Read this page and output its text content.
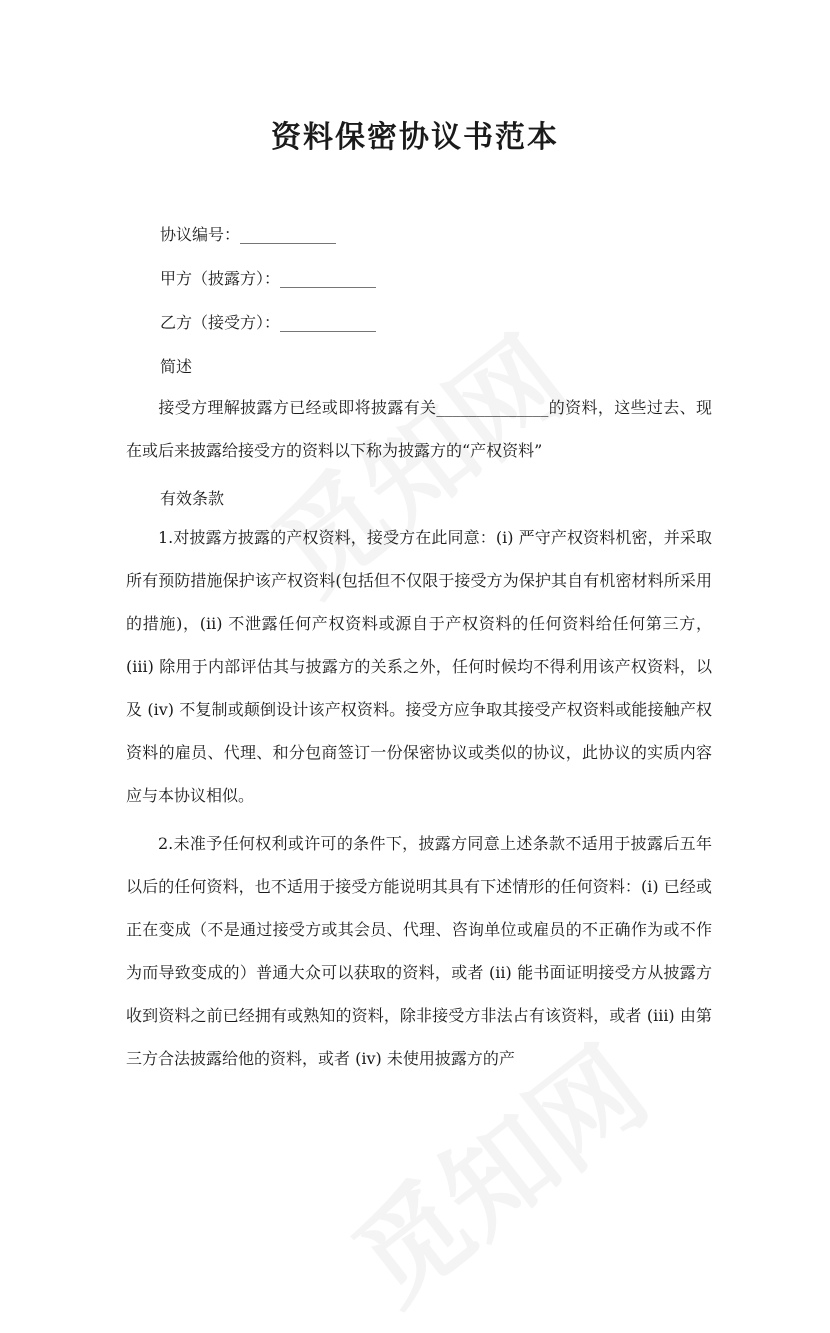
资料保密协议书范本
协议编号：____________
甲方（披露方）：____________
乙方（接受方）：____________
简述

接受方理解披露方已经或即将披露有关______________的资料，这些过去、现在或后来披露给接受方的资料以下称为披露方的“产权资料”

有效条款

1.对披露方披露的产权资料，接受方在此同意：(i) 严守产权资料机密，并采取所有预防措施保护该产权资料(包括但不仅限于接受方为保护其自有机密材料所采用的措施)，(ii) 不泄露任何产权资料或源自于产权资料的任何资料给任何第三方，(iii) 除用于内部评估其与披露方的关系之外，任何时候均不得利用该产权资料，以及 (iv) 不复制或颠倒设计该产权资料。接受方应争取其接受产权资料或能接触产权资料的雇员、代理、和分包商签订一份保密协议或类似的协议，此协议的实质内容应与本协议相似。

2.未准予任何权利或许可的条件下，披露方同意上述条款不适用于披露后五年以后的任何资料，也不适用于接受方能说明其具有下述情形的任何资料：(i) 已经或正在变成（不是通过接受方或其会员、代理、咨询单位或雇员的不正确作为或不作为而导致变成的）普通大众可以获取的资料，或者 (ii) 能书面证明接受方从披露方收到资料之前已经拥有或熟知的资料，除非接受方非法占有该资料，或者 (iii) 由第三方合法披露给他的资料，或者 (iv) 未使用披露方的产
